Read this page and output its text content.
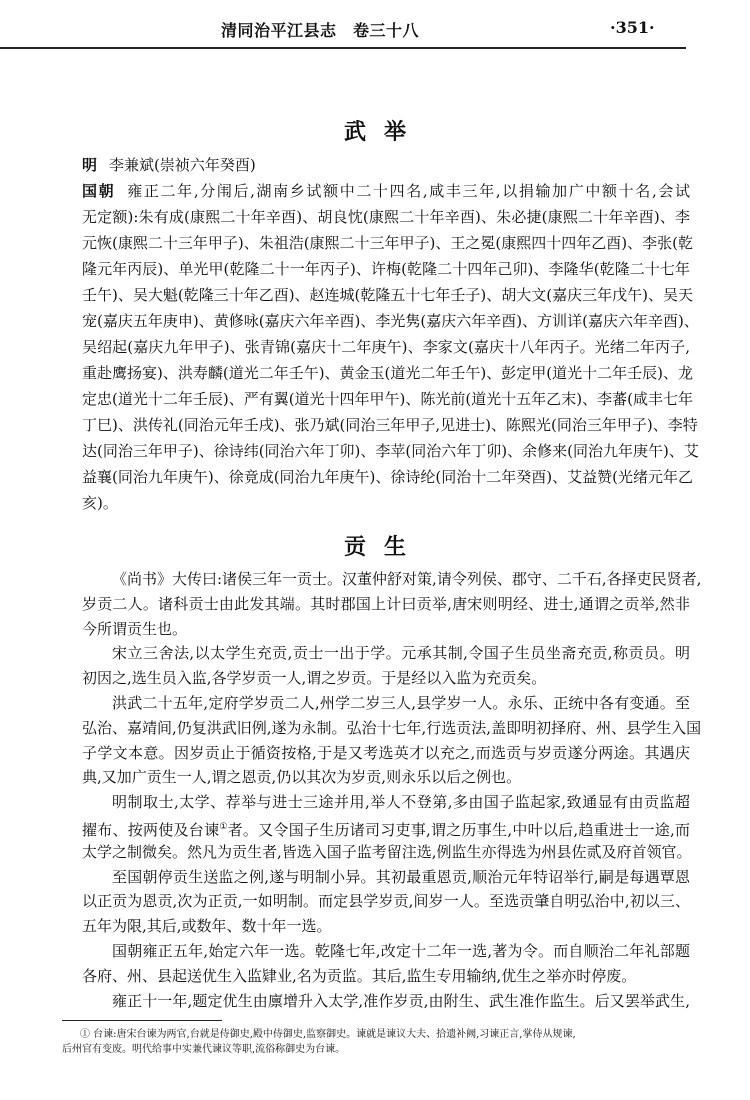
清同治平江县志　卷三十八	·351·
武举
明 李兼斌(崇祯六年癸酉)
国朝 雍正二年,分闱后,湖南乡试额中二十四名,咸丰三年,以捐输加广中额十名,会试
无定额):朱有成(康熙二十年辛酉)、胡良忱(康熙二十年辛酉)、朱必捷(康熙二十年辛酉)、李
元恢(康熙二十三年甲子)、朱祖浩(康熙二十三年甲子)、王之冕(康熙四十四年乙酉)、李张(乾
隆元年丙辰)、单光甲(乾隆二十一年丙子)、许梅(乾隆二十四年己卯)、李隆华(乾隆二十七年
壬午)、吴大魁(乾隆三十年乙酉)、赵连城(乾隆五十七年壬子)、胡大文(嘉庆三年戊午)、吴天
宠(嘉庆五年庚申)、黄修咏(嘉庆六年辛酉)、李光隽(嘉庆六年辛酉)、方训详(嘉庆六年辛酉)、
吴绍起(嘉庆九年甲子)、张青锦(嘉庆十二年庚午)、李家文(嘉庆十八年丙子。光绪二年丙子,
重赴鹰扬宴)、洪寿麟(道光二年壬午)、黄金玉(道光二年壬午)、彭定甲(道光十二年壬辰)、龙
定忠(道光十二年壬辰)、严有翼(道光十四年甲午)、陈光前(道光十五年乙末)、李蕃(咸丰七年
丁巳)、洪传礼(同治元年壬戌)、张乃斌(同治三年甲子,见进士)、陈熙光(同治三年甲子)、李特
达(同治三年甲子)、徐诗纬(同治六年丁卯)、李苹(同治六年丁卯)、余修来(同治九年庚午)、艾
益襄(同治九年庚午)、徐竟成(同治九年庚午)、徐诗纶(同治十二年癸酉)、艾益赞(光绪元年乙
亥)。
贡生
《尚书》大传曰:诸侯三年一贡士。汉董仲舒对策,请令列侯、郡守、二千石,各择吏民贤者,
岁贡二人。诸科贡士由此发其端。其时郡国上计曰贡举,唐宋则明经、进士,通谓之贡举,然非
今所谓贡生也。
宋立三舍法,以太学生充贡,贡士一出于学。元承其制,令国子生员坐斋充贡,称贡员。明
初因之,选生员入监,各学岁贡一人,谓之岁贡。于是经以入监为充贡矣。
洪武二十五年,定府学岁贡二人,州学二岁三人,县学岁一人。永乐、正统中各有变通。至
弘治、嘉靖间,仍复洪武旧例,遂为永制。弘治十七年,行选贡法,盖即明初择府、州、县学生入国
子学文本意。因岁贡止于循资按格,于是又考选英才以充之,而选贡与岁贡遂分两途。其遇庆
典,又加广贡生一人,谓之恩贡,仍以其次为岁贡,则永乐以后之例也。
明制取士,太学、荐举与进士三途并用,举人不登第,多由国子监起家,致通显有由贡监超
擢布、按两使及台谏①者。又令国子生历诸司习吏事,谓之历事生,中叶以后,趋重进士一途,而
太学之制微矣。然凡为贡生者,皆选入国子监考留注选,例监生亦得选为州县佐贰及府首领官。
至国朝停贡生送监之例,遂与明制小异。其初最重恩贡,顺治元年特诏举行,嗣是每遇覃恩
以正贡为恩贡,次为正贡,一如明制。而定县学岁贡,间岁一人。至选贡肇自明弘治中,初以三、
五年为限,其后,或数年、数十年一选。
国朝雍正五年,始定六年一选。乾隆七年,改定十二年一选,著为令。而自顺治二年礼部题
各府、州、县起送优生入监肄业,名为贡监。其后,监生专用输纳,优生之举亦时停废。
雍正十一年,题定优生由廪增升入太学,准作岁贡,由附生、武生准作监生。后又罢举武生,
① 台谏:唐宋台谏为两官,台就是侍御史,殿中侍御史,监察御史。谏就是谏议大夫、拾遗补阙,习谏正言,掌侍从规谏,
后州官有变废。明代给事中实兼代谏议等职,流俗称御史为台谏。
